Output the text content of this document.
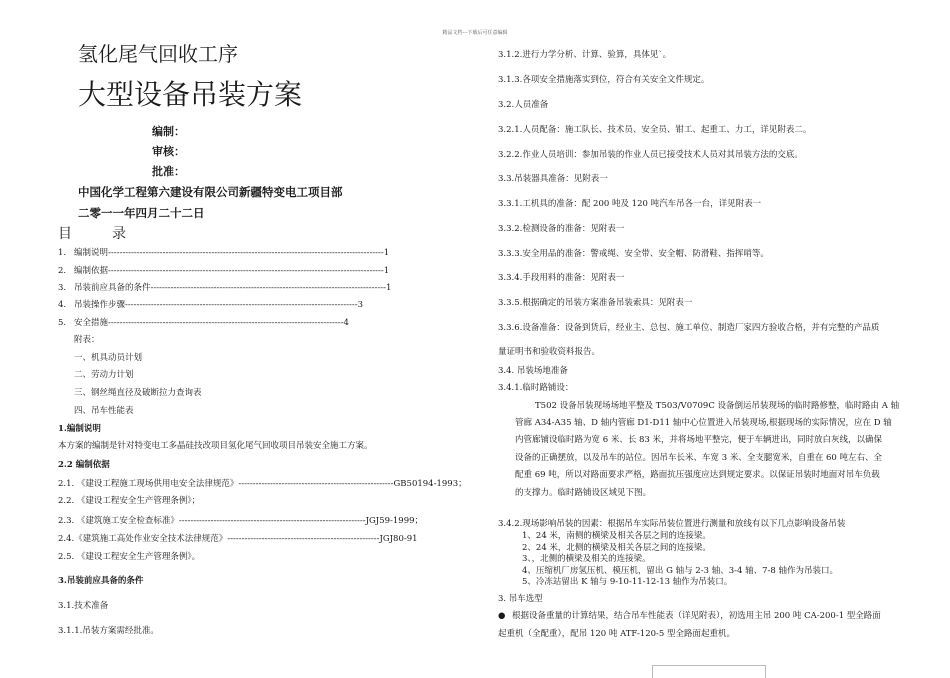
精品文档---下载后可任意编辑
氢化尾气回收工序
大型设备吊装方案
编制：
审核：
批准：
中国化学工程第六建设有限公司新疆特变电工项目部
二零一一年四月二十二日
目	录
1. 编制说明------------------------------------------------------------------------------------------------1
2. 编制依据------------------------------------------------------------------------------------------------1
3. 吊装前应具备的条件----------------------------------------------------------------------------------1
4. 吊装操作步骤---------------------------------------------------------------------------------3
5. 安全措施----------------------------------------------------------------------------------4
附表：
一、机具动员计划
二、劳动力计划
三、钢丝绳直径及破断拉力查询表
四、吊车性能表
1.编制说明
本方案的编制是针对特变电工多晶硅技改项目氢化尾气回收项目吊装安全施工方案。
2.2 编制依据
2.1. 《建设工程施工现场供用电安全法律规范》------------------------------------------------------GB50194-1993；
2.2. 《建设工程安全生产管理条例》；
2.3. 《建筑施工安全检查标准》-----------------------------------------------------------------JGJ59-1999；
2.4.《建筑施工高处作业安全技术法律规范》-----------------------------------------------------JGJ80-91
2.5. 《建设工程安全生产管理条例》。
3.吊装前应具备的条件
3.1.技术准备
3.1.1.吊装方案需经批准。
3.1.2.进行力学分析、计算、验算，具体见`。
3.1.3.各项安全措施落实到位，符合有关安全文件规定。
3.2.人员准备
3.2.1.人员配备：施工队长、技术员、安全员、钳工、起重工、力工，详见附表二。
3.2.2.作业人员培训：参加吊装的作业人员已接受技术人员对其吊装方法的交底。
3.3.吊装器具准备：见附表一
3.3.1.工机具的准备：配 200 吨及 120 吨汽车吊各一台，详见附表一
3.3.2.检测设备的准备：见附表一
3.3.3.安全用品的准备：警戒绳、安全带、安全帽、防滑鞋、指挥哨等。
3.3.4.手段用料的准备：见附表一
3.3.5.根据确定的吊装方案准备吊装索具：见附表一
3.3.6.设备准备：设备到货后，经业主、总包、施工单位、制造厂家四方验收合格，并有完整的产品质
量证明书和验收资料报告。
3.4. 吊装场地准备
3.4.1.临时路铺设：
T502 设备吊装现场场地平整及 T503/V0709C 设备倒运吊装现场的临时路修整，临时路由 A 轴
管廊 A34-A35 轴、D 轴内管廊 D1-D11 轴中心位置进入吊装现场,根据现场的实际情况，应在 D 轴
内管廊铺设临时路为宽 6 米、长 83 米，并将场地平整完，便于车辆进出，同时放白灰线，以确保
设备的正确摆放，以及吊车的站位。因吊车长米、车宽 3 米、全支腿宽米，自重在 60 吨左右、全
配重 69 吨，所以对路面要求严格，路面抗压强度应达到规定要求。以保证吊装时地面对吊车负载
的支撑力。临时路铺设区域见下图。
3.4.2.现场影响吊装的因素：根据吊车实际吊装位置进行测量和放线有以下几点影响设备吊装
1、24 米，南侧的横梁及相关各层之间的连接梁。
2、24 米，北侧的横梁及相关各层之间的连接梁。
3、，北侧的横梁及相关的连接梁。
4、压缩机厂房氢压机、模压机，留出 G 轴与 2-3 轴、3-4 轴、7-8 轴作为吊装口。
5、冷冻站留出 K 轴与 9-10-11-12-13 轴作为吊装口。
3. 吊车选型
● 根据设备重量的计算结果，结合吊车性能表（详见附表），初选用主吊 200 吨 CA-200-1 型全路面
起重机（全配重），配吊 120 吨 ATF-120-5 型全路面起重机。
